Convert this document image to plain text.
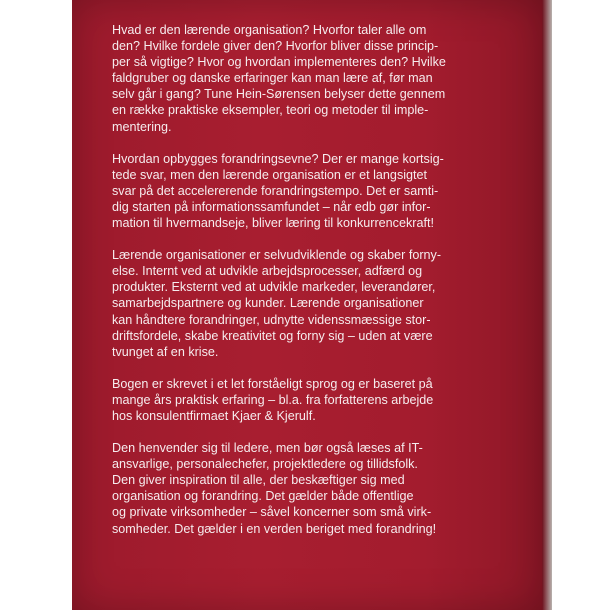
Hvad er den lærende organisation? Hvorfor taler alle om
den? Hvilke fordele giver den? Hvorfor bliver disse princip-
per så vigtige? Hvor og hvordan implementeres den? Hvilke
faldgruber og danske erfaringer kan man lære af, før man
selv går i gang? Tune Hein-Sørensen belyser dette gennem
en række praktiske eksempler, teori og metoder til imple-
mentering.

Hvordan opbygges forandringsevne? Der er mange kortsig-
tede svar, men den lærende organisation er et langsigtet
svar på det accelererende forandringstempo. Det er samti-
dig starten på informationssamfundet – når edb gør infor-
mation til hvermandseje, bliver læring til konkurrencekraft!

Lærende organisationer er selvudviklende og skaber forny-
else. Internt ved at udvikle arbejdsprocesser, adfærd og
produkter. Eksternt ved at udvikle markeder, leverandører,
samarbejdspartnere og kunder. Lærende organisationer
kan håndtere forandringer, udnytte videnssmæssige stor-
driftsfordele, skabe kreativitet og forny sig – uden at være
tvunget af en krise.

Bogen er skrevet i et let forståeligt sprog og er baseret på
mange års praktisk erfaring – bl.a. fra forfatterens arbejde
hos konsulentfirmaet Kjaer & Kjerulf.

Den henvender sig til ledere, men bør også læses af IT-
ansvarlige, personalechefer, projektledere og tillidsfolk.
Den giver inspiration til alle, der beskæftiger sig med
organisation og forandring. Det gælder både offentlige
og private virksomheder – såvel koncerner som små virk-
somheder. Det gælder i en verden beriget med forandring!
